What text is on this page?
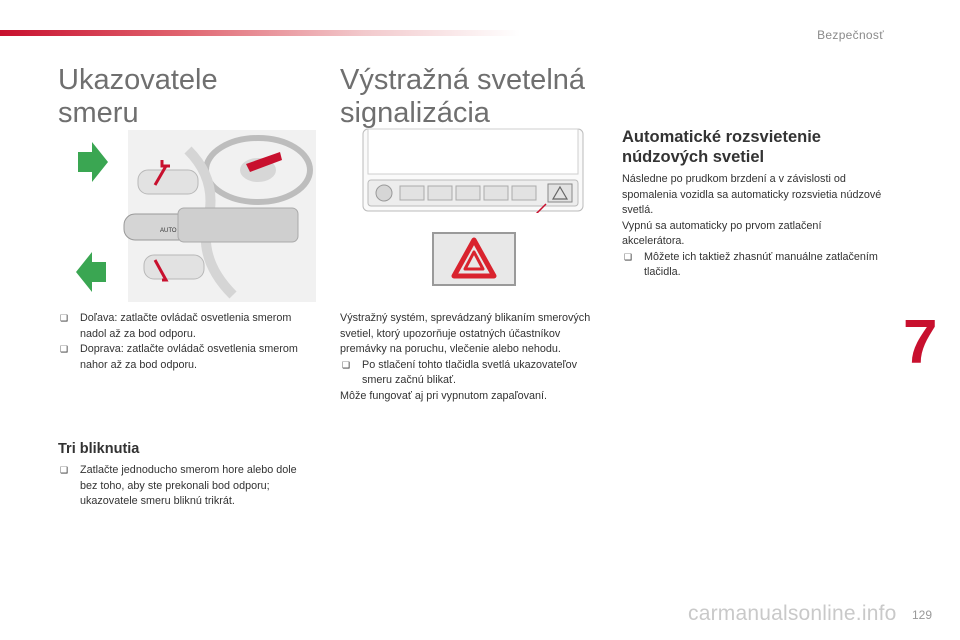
Bezpečnosť
7
Ukazovatele
smeru
AUTO
❑ Doľava: zatlačte ovládač osvetlenia smerom nadol až za bod odporu.
❑ Doprava: zatlačte ovládač osvetlenia smerom nahor až za bod odporu.
Tri bliknutia
❑ Zatlačte jednoducho smerom hore alebo dole bez toho, aby ste prekonali bod odporu; ukazovatele smeru bliknú trikrát.
Výstražná svetelná
signalizácia

Výstražný systém, sprevádzaný blikaním smerových svetiel, ktorý upozorňuje ostatných účastníkov premávky na poruchu, vlečenie alebo nehodu.

❑ Po stlačení tohto tlačidla svetlá ukazovateľov smeru začnú blikať.

Môže fungovať aj pri vypnutom zapaľovaní.

Automatické rozsvietenie
núdzových svetiel

Následne po prudkom brzdení a v závislosti od spomalenia vozidla sa automaticky rozsvietia núdzové svetlá.

Vypnú sa automaticky po prvom zatlačení akcelerátora.

❑ Môžete ich taktiež zhasnúť manuálne zatlačením tlačidla.
carmanualsonline.info 129
